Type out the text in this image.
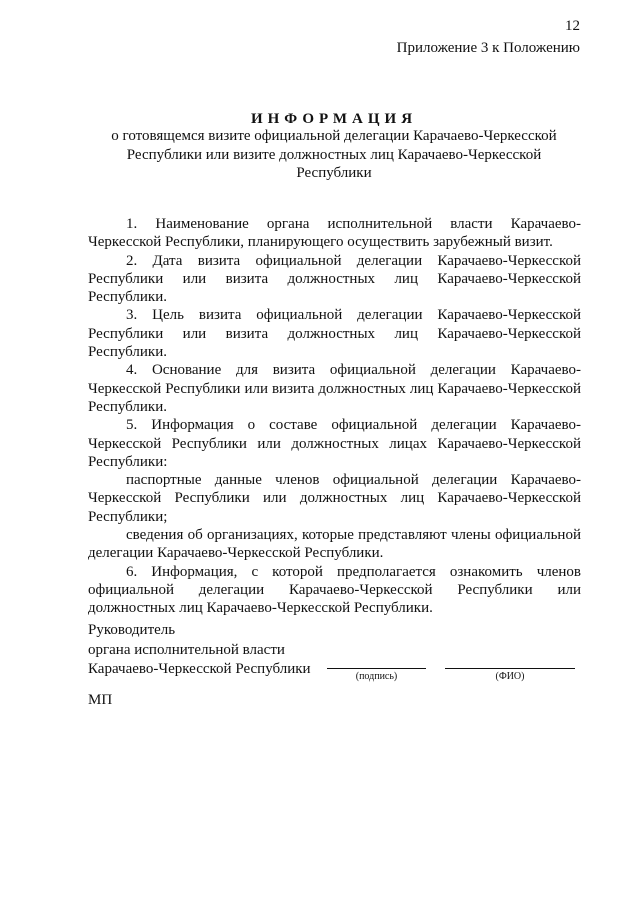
12
Приложение 3 к Положению
ИНФОРМАЦИЯ
о готовящемся визите официальной делегации Карачаево-Черкесской
Республики или визите должностных лиц Карачаево-Черкесской
Республики

1. Наименование органа исполнительной власти Карачаево-Черкесской Республики, планирующего осуществить зарубежный визит.

2. Дата визита официальной делегации Карачаево-Черкесской Республики или визита должностных лиц Карачаево-Черкесской Республики.

3. Цель визита официальной делегации Карачаево-Черкесской Республики или визита должностных лиц Карачаево-Черкесской Республики.

4. Основание для визита официальной делегации Карачаево-Черкесской Республики или визита должностных лиц Карачаево-Черкесской Республики.

5. Информация о составе официальной делегации Карачаево-Черкесской Республики или должностных лицах Карачаево-Черкесской Республики:

паспортные данные членов официальной делегации Карачаево-Черкесской Республики или должностных лиц Карачаево-Черкесской Республики;

сведения об организациях, которые представляют члены официальной делегации Карачаево-Черкесской Республики.

6. Информация, с которой предполагается ознакомить членов официальной делегации Карачаево-Черкесской Республики или должностных лиц Карачаево-Черкесской Республики.

Руководитель
органа исполнительной власти
Карачаево-Черкесской Республики	(подпись)	(ФИО)
МП
